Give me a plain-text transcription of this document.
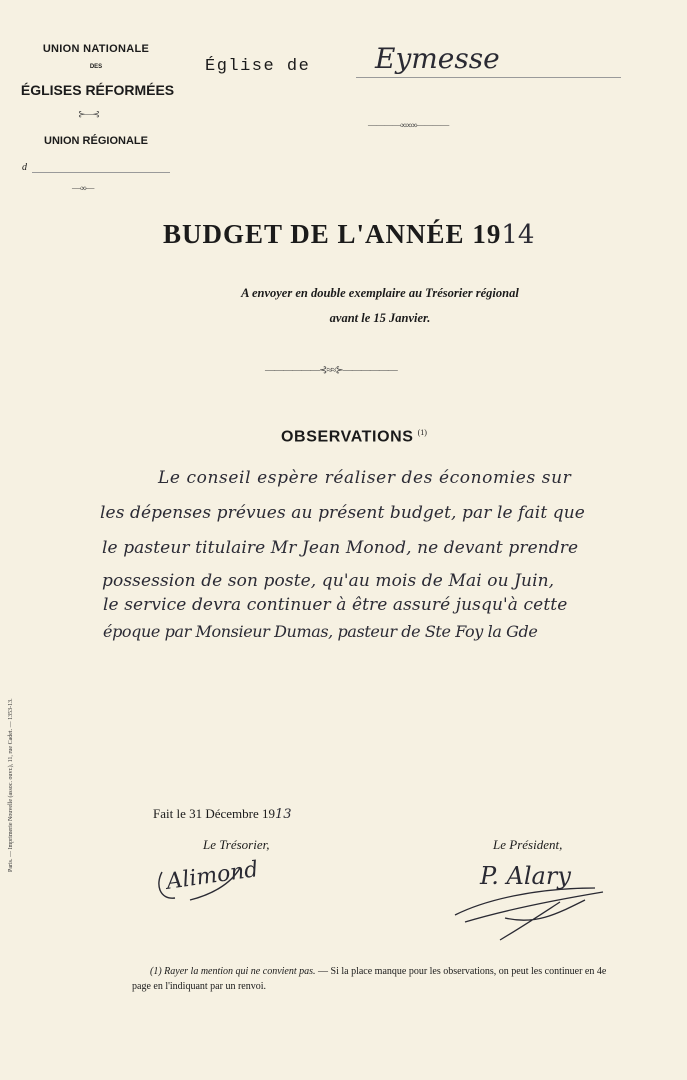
UNION NATIONALE
DES
ÉGLISES RÉFORMÉES
⊱—⊰
UNION RÉGIONALE
d
—∞—
Église de Eymesse
————∞∞∞————
BUDGET DE L'ANNÉE 1914
A envoyer en double exemplaire au Trésorier régional
avant le 15 Janvier.
——————⊰≈≈⊱——————
OBSERVATIONS $^{(1)}$
Le conseil espère réaliser des économies sur
les dépenses prévues au présent budget, par le fait que
le pasteur titulaire Mr Jean Monod, ne devant prendre
possession de son poste, qu'au mois de Mai ou Juin,
le service devra continuer à être assuré jusqu'à cette
époque par Monsieur Dumas, pasteur de Ste Foy la Gde
Fait le 31 Décembre 1913
Le Trésorier,	Le Président,
Alimond	P. Alary
(1) Rayer la mention qui ne convient pas. — Si la place manque pour les observations, on peut les continuer en 4e page en l'indiquant par un renvoi.
Paris. — Imprimerie Nouvelle (assoc. ouvr.), 11, rue Cadet. — 1353-13.
